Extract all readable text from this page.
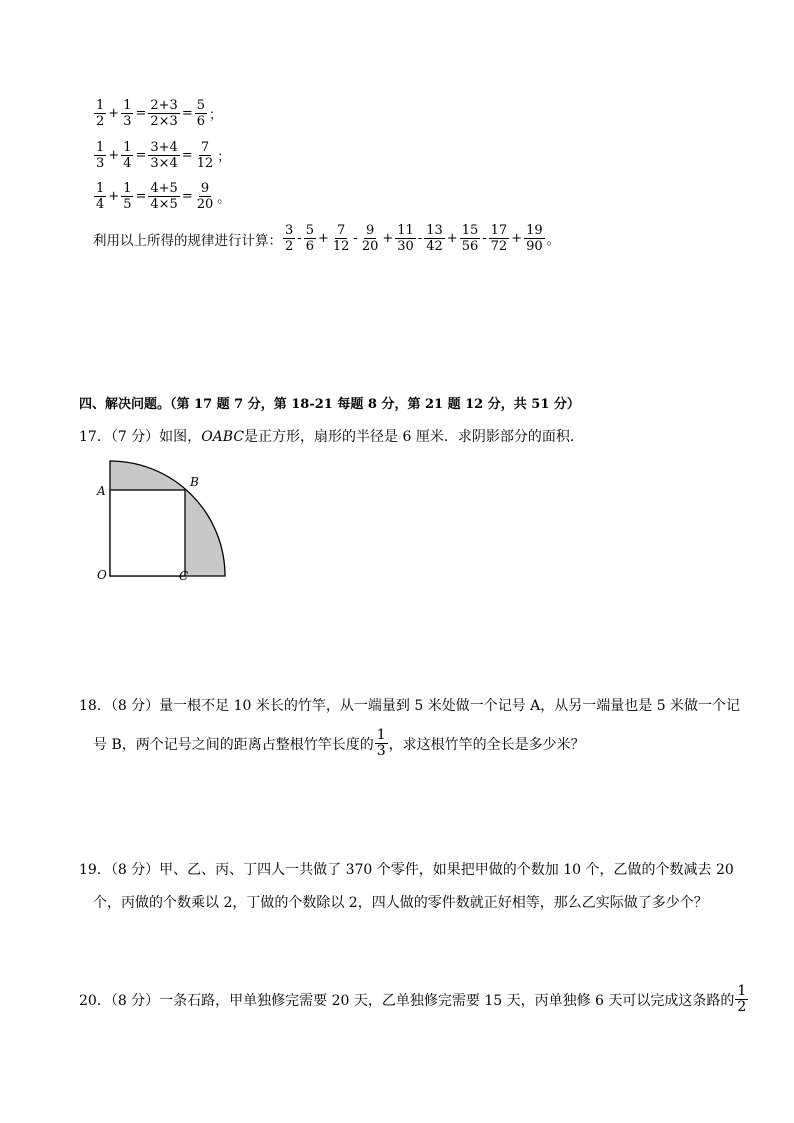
$\frac{1}{2} + \frac{1}{3} = \frac{2+3}{2\times 3} = \frac{5}{6}$ ；
$\frac{1}{3} + \frac{1}{4} = \frac{3+4}{3\times 4} = \frac{7}{12}$ ；
$\frac{1}{4} + \frac{1}{5} = \frac{4+5}{4\times 5} = \frac{9}{20}$ 。
利用以上所得的规律进行计算： $\frac{3}{2} - \frac{5}{6} + \frac{7}{12} - \frac{9}{20} + \frac{11}{30} - \frac{13}{42} + \frac{15}{56} - \frac{17}{72} + \frac{19}{90}$ 。
四、解决问题。（第 17 题 7 分，第 18-21 每题 8 分，第 21 题 12 分，共 51 分）
17．（7 分）如图，OABC是正方形，扇形的半径是 6 厘米．求阴影部分的面积．
A
B
O	C
18．（8 分）量一根不足 10 米长的竹竿，从一端量到 5 米处做一个记号 A，从另一端量也是 5 米做一个记
号 B，两个记号之间的距离占整根竹竿长度的 $\frac{1}{3}$ ，求这根竹竿的全长是多少米？
19．（8 分）甲、乙、丙、丁四人一共做了 370 个零件，如果把甲做的个数加 10 个，乙做的个数减去 20
个，丙做的个数乘以 2，丁做的个数除以 2，四人做的零件数就正好相等，那么乙实际做了多少个？
20．（8 分）一条石路，甲单独修完需要 20 天，乙单独修完需要 15 天，丙单独修 6 天可以完成这条路的 $\frac{1}{2}$
